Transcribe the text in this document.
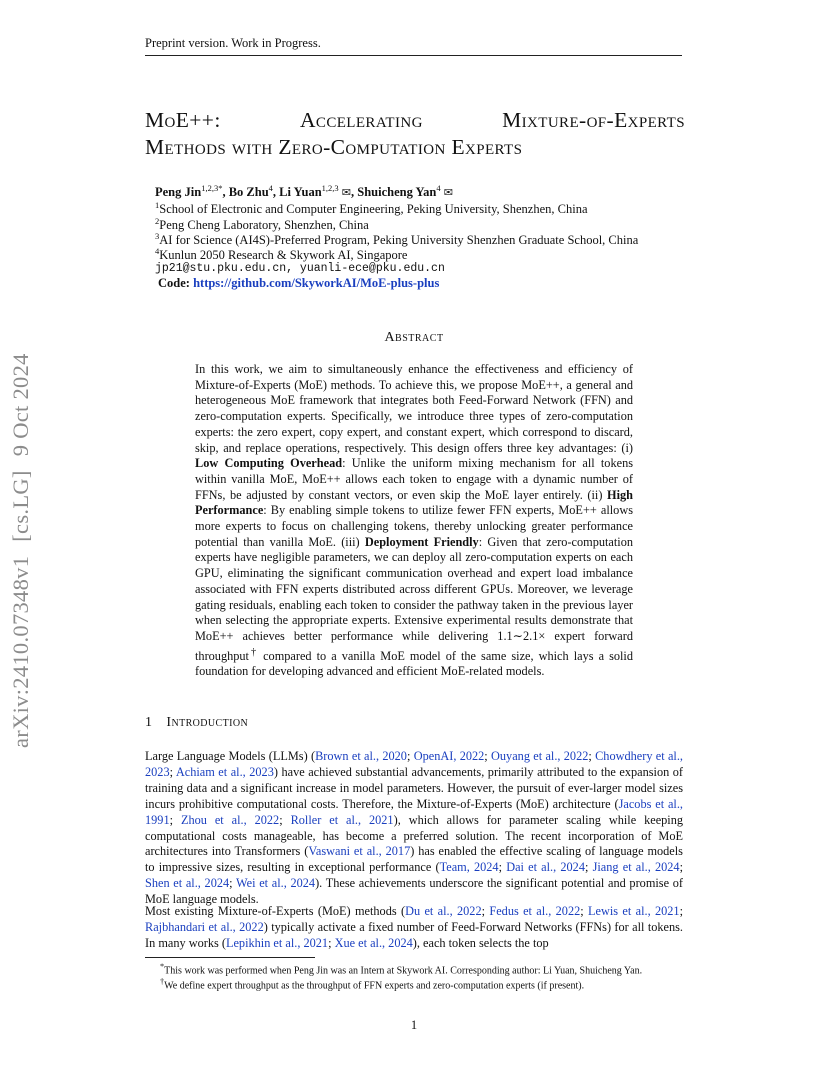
Preprint version. Work in Progress.
arXiv:2410.07348v1
[cs.LG]
9 Oct 2024
MoE++:	Accelerating	Mixture-of-Experts
Methods with Zero-Computation Experts
Peng Jin$^{1,2,3*}$, Bo Zhu$^4$, Li Yuan$^{1,2,3}$ ✉, Shuicheng Yan$^4$ ✉
$^1$School of Electronic and Computer Engineering, Peking University, Shenzhen, China
$^2$Peng Cheng Laboratory, Shenzhen, China
$^3$AI for Science (AI4S)-Preferred Program, Peking University Shenzhen Graduate School, China
$^4$Kunlun 2050 Research & Skywork AI, Singapore
jp21@stu.pku.edu.cn, yuanli-ece@pku.edu.cn
Code: https://github.com/SkyworkAI/MoE-plus-plus
Abstract
In this work, we aim to simultaneously enhance the effectiveness and efficiency of Mixture-of-Experts (MoE) methods. To achieve this, we propose MoE++, a general and heterogeneous MoE framework that integrates both Feed-Forward Network (FFN) and zero-computation experts. Specifically, we introduce three types of zero-computation experts: the zero expert, copy expert, and constant expert, which correspond to discard, skip, and replace operations, respectively. This design offers three key advantages: (i) Low Computing Overhead: Unlike the uniform mixing mechanism for all tokens within vanilla MoE, MoE++ allows each token to engage with a dynamic number of FFNs, be adjusted by constant vectors, or even skip the MoE layer entirely. (ii) High Performance: By enabling simple tokens to utilize fewer FFN experts, MoE++ allows more experts to focus on challenging tokens, thereby unlocking greater performance potential than vanilla MoE. (iii) Deployment Friendly: Given that zero-computation experts have negligible parameters, we can deploy all zero-computation experts on each GPU, eliminating the significant communication overhead and expert load imbalance associated with FFN experts distributed across different GPUs. Moreover, we leverage gating residuals, enabling each token to consider the pathway taken in the previous layer when selecting the appropriate experts. Extensive experimental results demonstrate that MoE++ achieves better performance while delivering 1.1∼2.1× expert forward throughput† compared to a vanilla MoE model of the same size, which lays a solid foundation for developing advanced and efficient MoE-related models.
1 Introduction
Large Language Models (LLMs) (Brown et al., 2020; OpenAI, 2022; Ouyang et al., 2022; Chowdhery et al., 2023; Achiam et al., 2023) have achieved substantial advancements, primarily attributed to the expansion of training data and a significant increase in model parameters. However, the pursuit of ever-larger model sizes incurs prohibitive computational costs. Therefore, the Mixture-of-Experts (MoE) architecture (Jacobs et al., 1991; Zhou et al., 2022; Roller et al., 2021), which allows for parameter scaling while keeping computational costs manageable, has become a preferred solution. The recent incorporation of MoE architectures into Transformers (Vaswani et al., 2017) has enabled the effective scaling of language models to impressive sizes, resulting in exceptional performance (Team, 2024; Dai et al., 2024; Jiang et al., 2024; Shen et al., 2024; Wei et al., 2024). These achievements underscore the significant potential and promise of MoE language models.
Most existing Mixture-of-Experts (MoE) methods (Du et al., 2022; Fedus et al., 2022; Lewis et al., 2021; Rajbhandari et al., 2022) typically activate a fixed number of Feed-Forward Networks (FFNs) for all tokens. In many works (Lepikhin et al., 2021; Xue et al., 2024), each token selects the top
*This work was performed when Peng Jin was an Intern at Skywork AI. Corresponding author: Li Yuan, Shuicheng Yan.
†We define expert throughput as the throughput of FFN experts and zero-computation experts (if present).
1
